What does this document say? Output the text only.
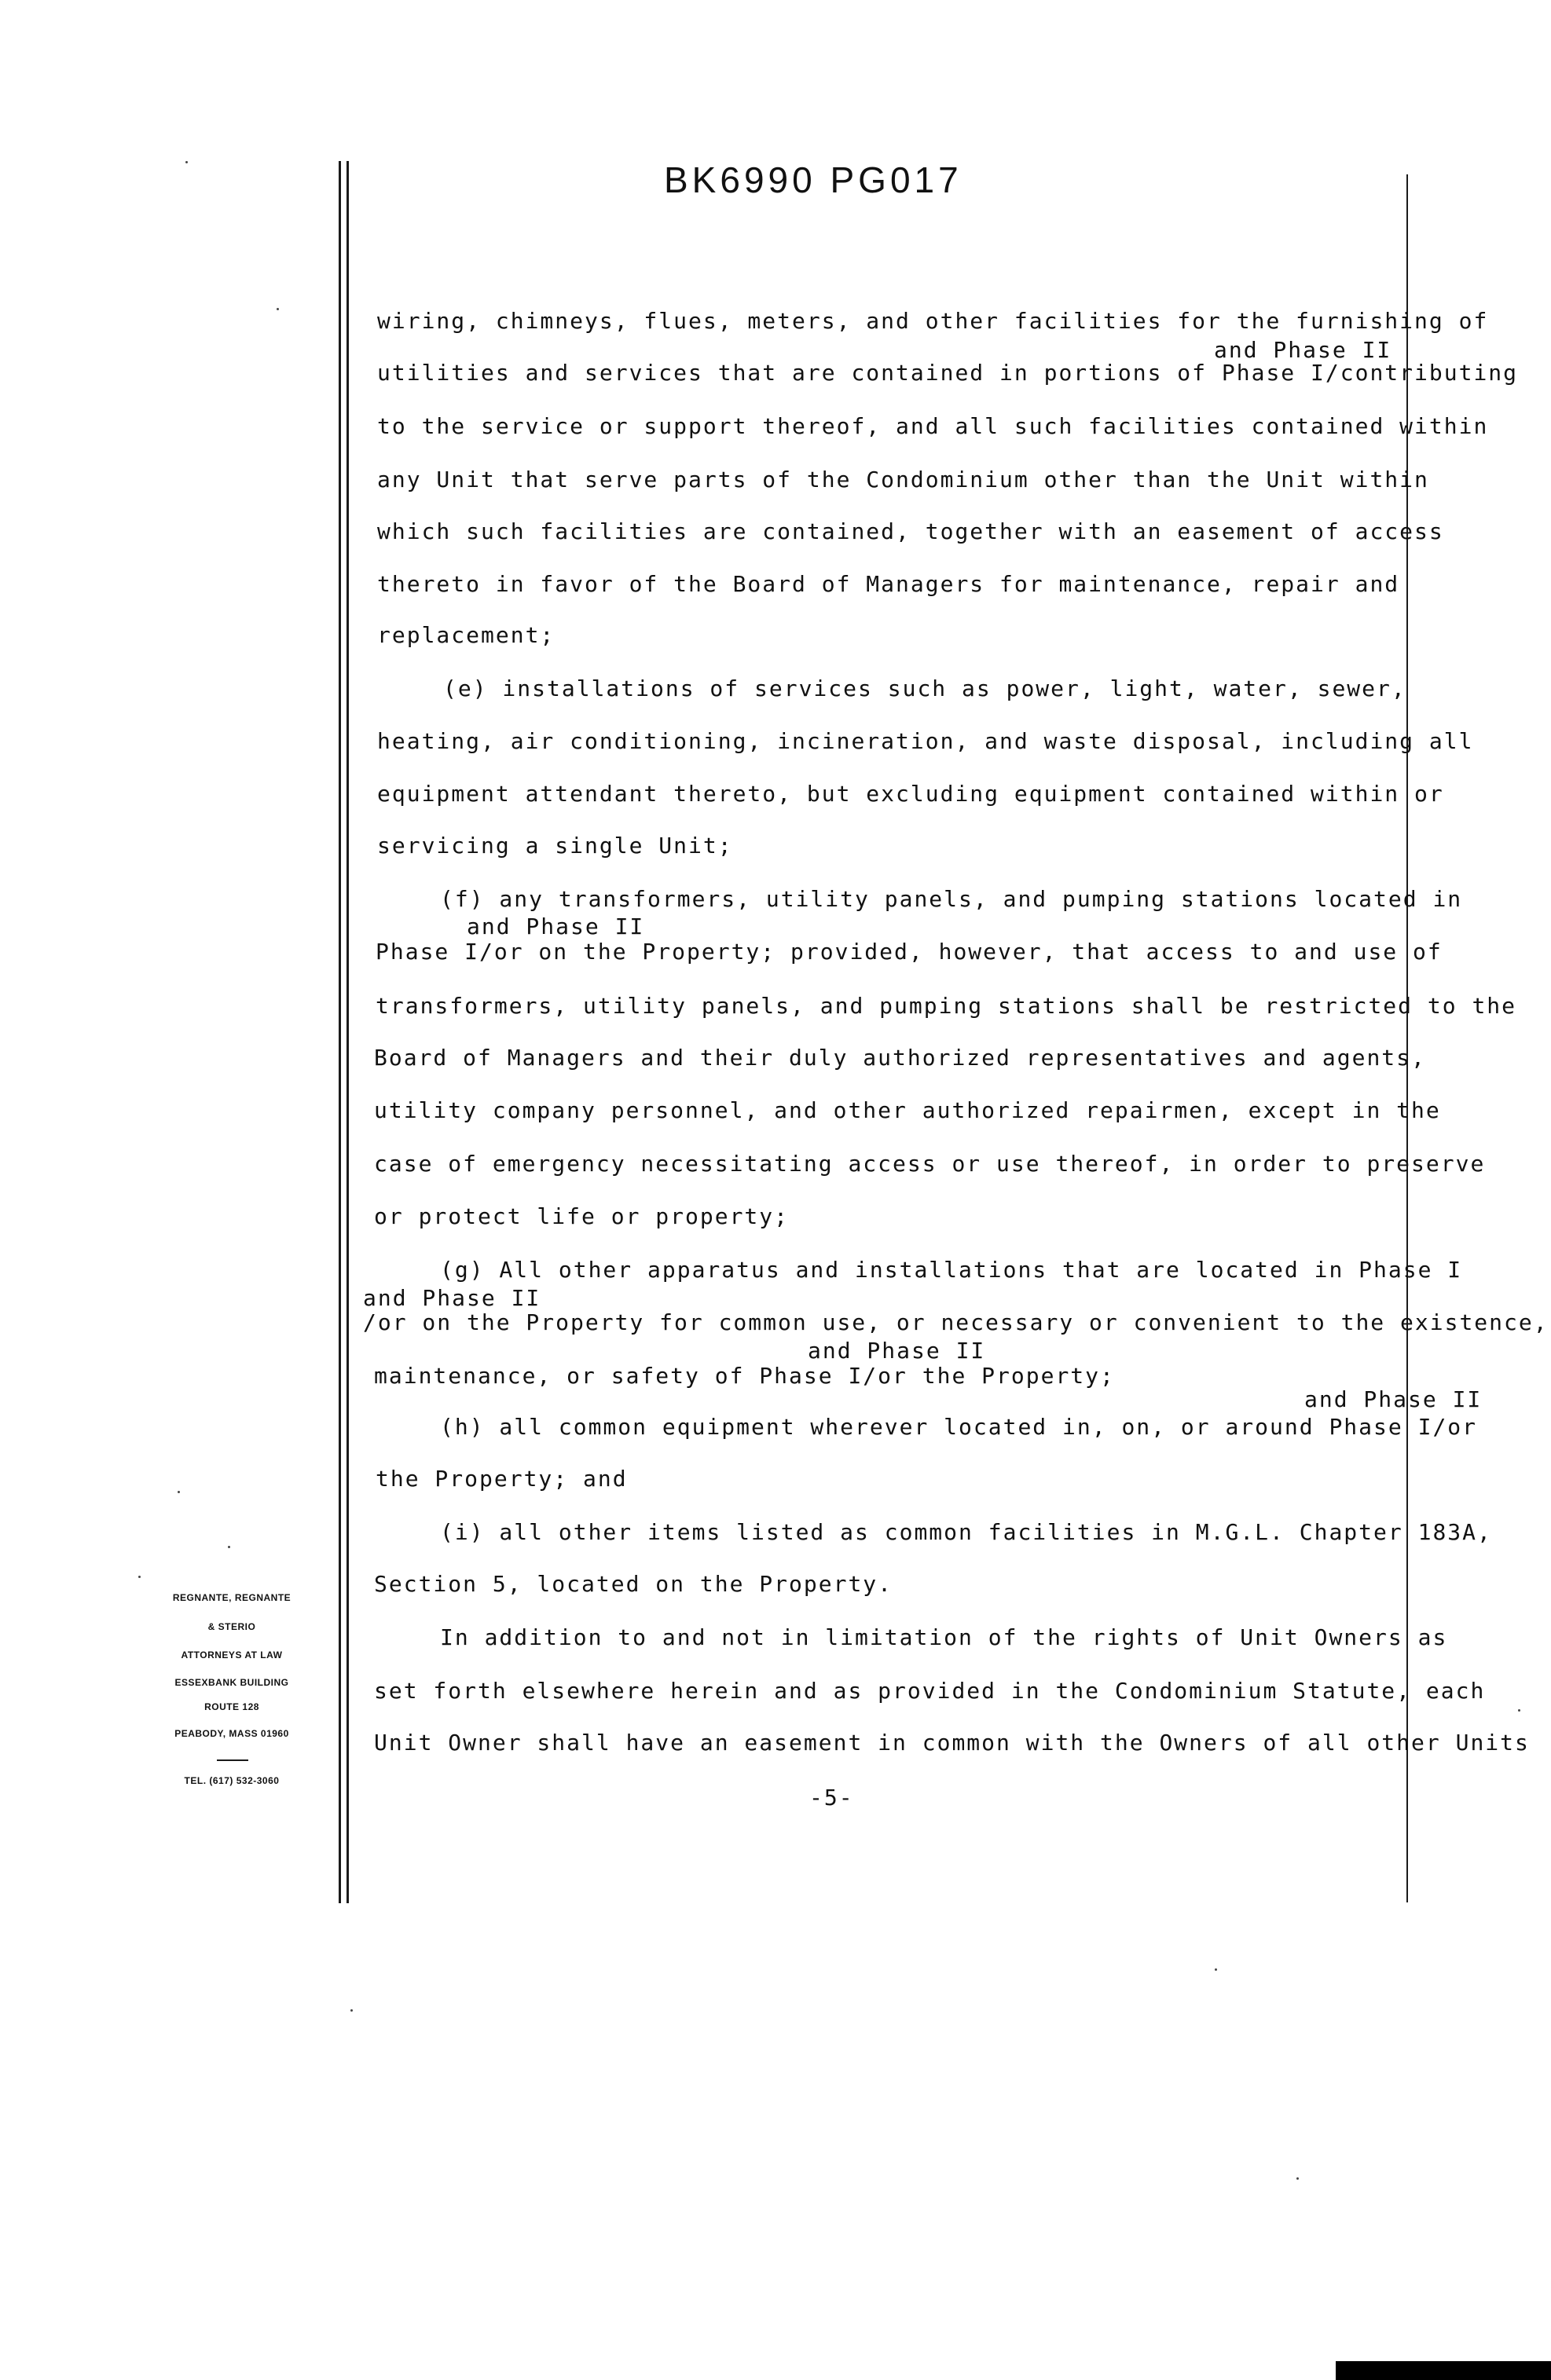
BK6990 PG017
wiring, chimneys, flues, meters, and other facilities for the furnishing of
and Phase II
utilities and services that are contained in portions of Phase I/contributing
to the service or support thereof, and all such facilities contained within
any Unit that serve parts of the Condominium other than the Unit within
which such facilities are contained, together with an easement of access
thereto in favor of the Board of Managers for maintenance, repair and
replacement;
(e) installations of services such as power, light, water, sewer,
heating, air conditioning, incineration, and waste disposal, including all
equipment attendant thereto, but excluding equipment contained within or
servicing a single Unit;
(f) any transformers, utility panels, and pumping stations located in
and Phase II
Phase I/or on the Property; provided, however, that access to and use of
transformers, utility panels, and pumping stations shall be restricted to the
Board of Managers and their duly authorized representatives and agents,
utility company personnel, and other authorized repairmen, except in the
case of emergency necessitating access or use thereof, in order to preserve
or protect life or property;
(g) All other apparatus and installations that are located in Phase I
and Phase II
/or on the Property for common use, or necessary or convenient to the existence,
and Phase II
maintenance, or safety of Phase I/or the Property;
and Phase II
(h) all common equipment wherever located in, on, or around Phase I/or
the Property; and
(i) all other items listed as common facilities in M.G.L. Chapter 183A,
Section 5, located on the Property.
In addition to and not in limitation of the rights of Unit Owners as
set forth elsewhere herein and as provided in the Condominium Statute, each
Unit Owner shall have an easement in common with the Owners of all other Units
-5-
REGNANTE, REGNANTE
& STERIO
ATTORNEYS AT LAW
ESSEXBANK BUILDING
ROUTE 128
PEABODY, MASS 01960
TEL. (617) 532-3060
